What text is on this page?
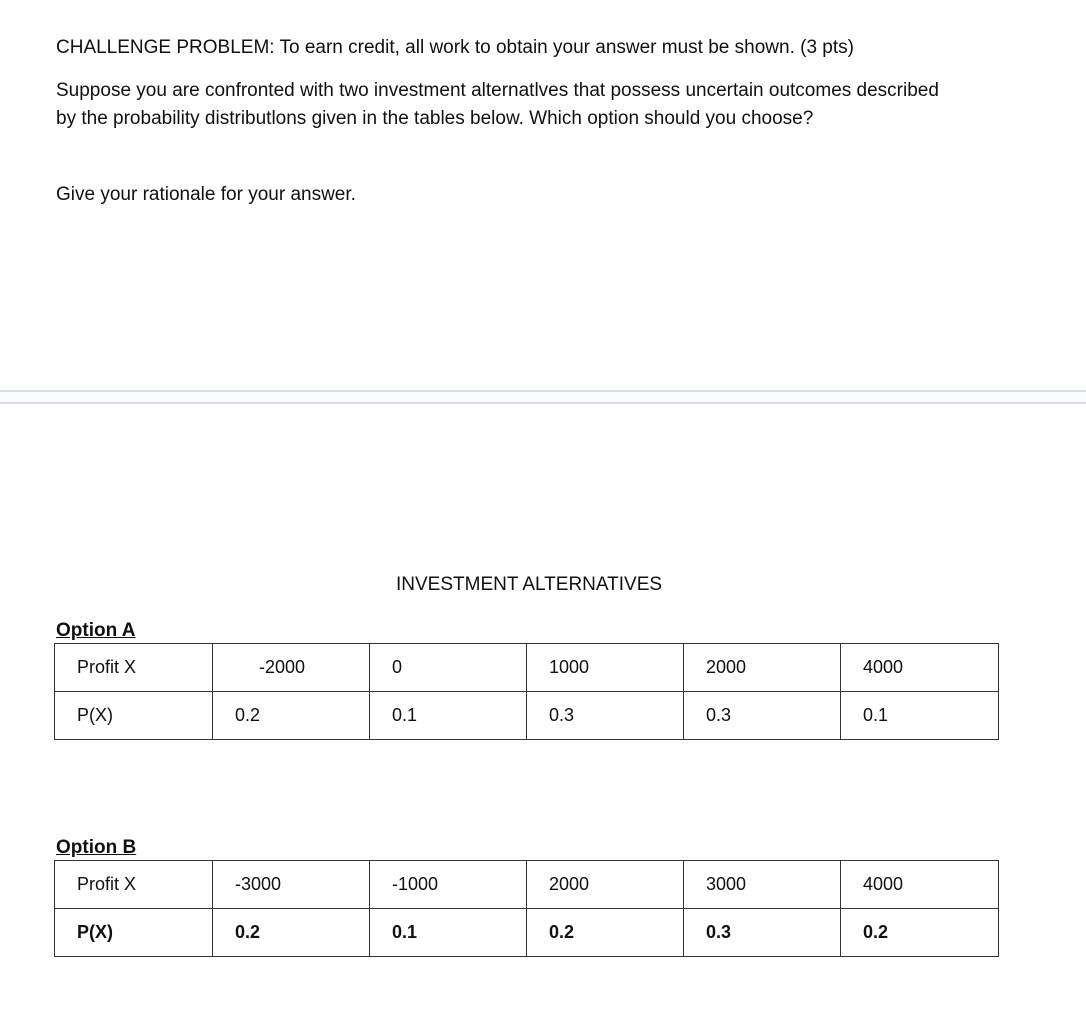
CHALLENGE PROBLEM: To earn credit, all work to obtain your answer must be shown. (3 pts)

Suppose you are confronted with two investment alternatlves that possess uncertain outcomes described by the probability distributlons given in the tables below. Which option should you choose?

Give your rationale for your answer.

INVESTMENT ALTERNATIVES

Option A

Profit X	-2000	0	1000	2000	4000
P(X)	0.2	0.1	0.3	0.3	0.1

Option B

Profit X	-3000	-1000	2000	3000	4000
P(X)	0.2	0.1	0.2	0.3	0.2
